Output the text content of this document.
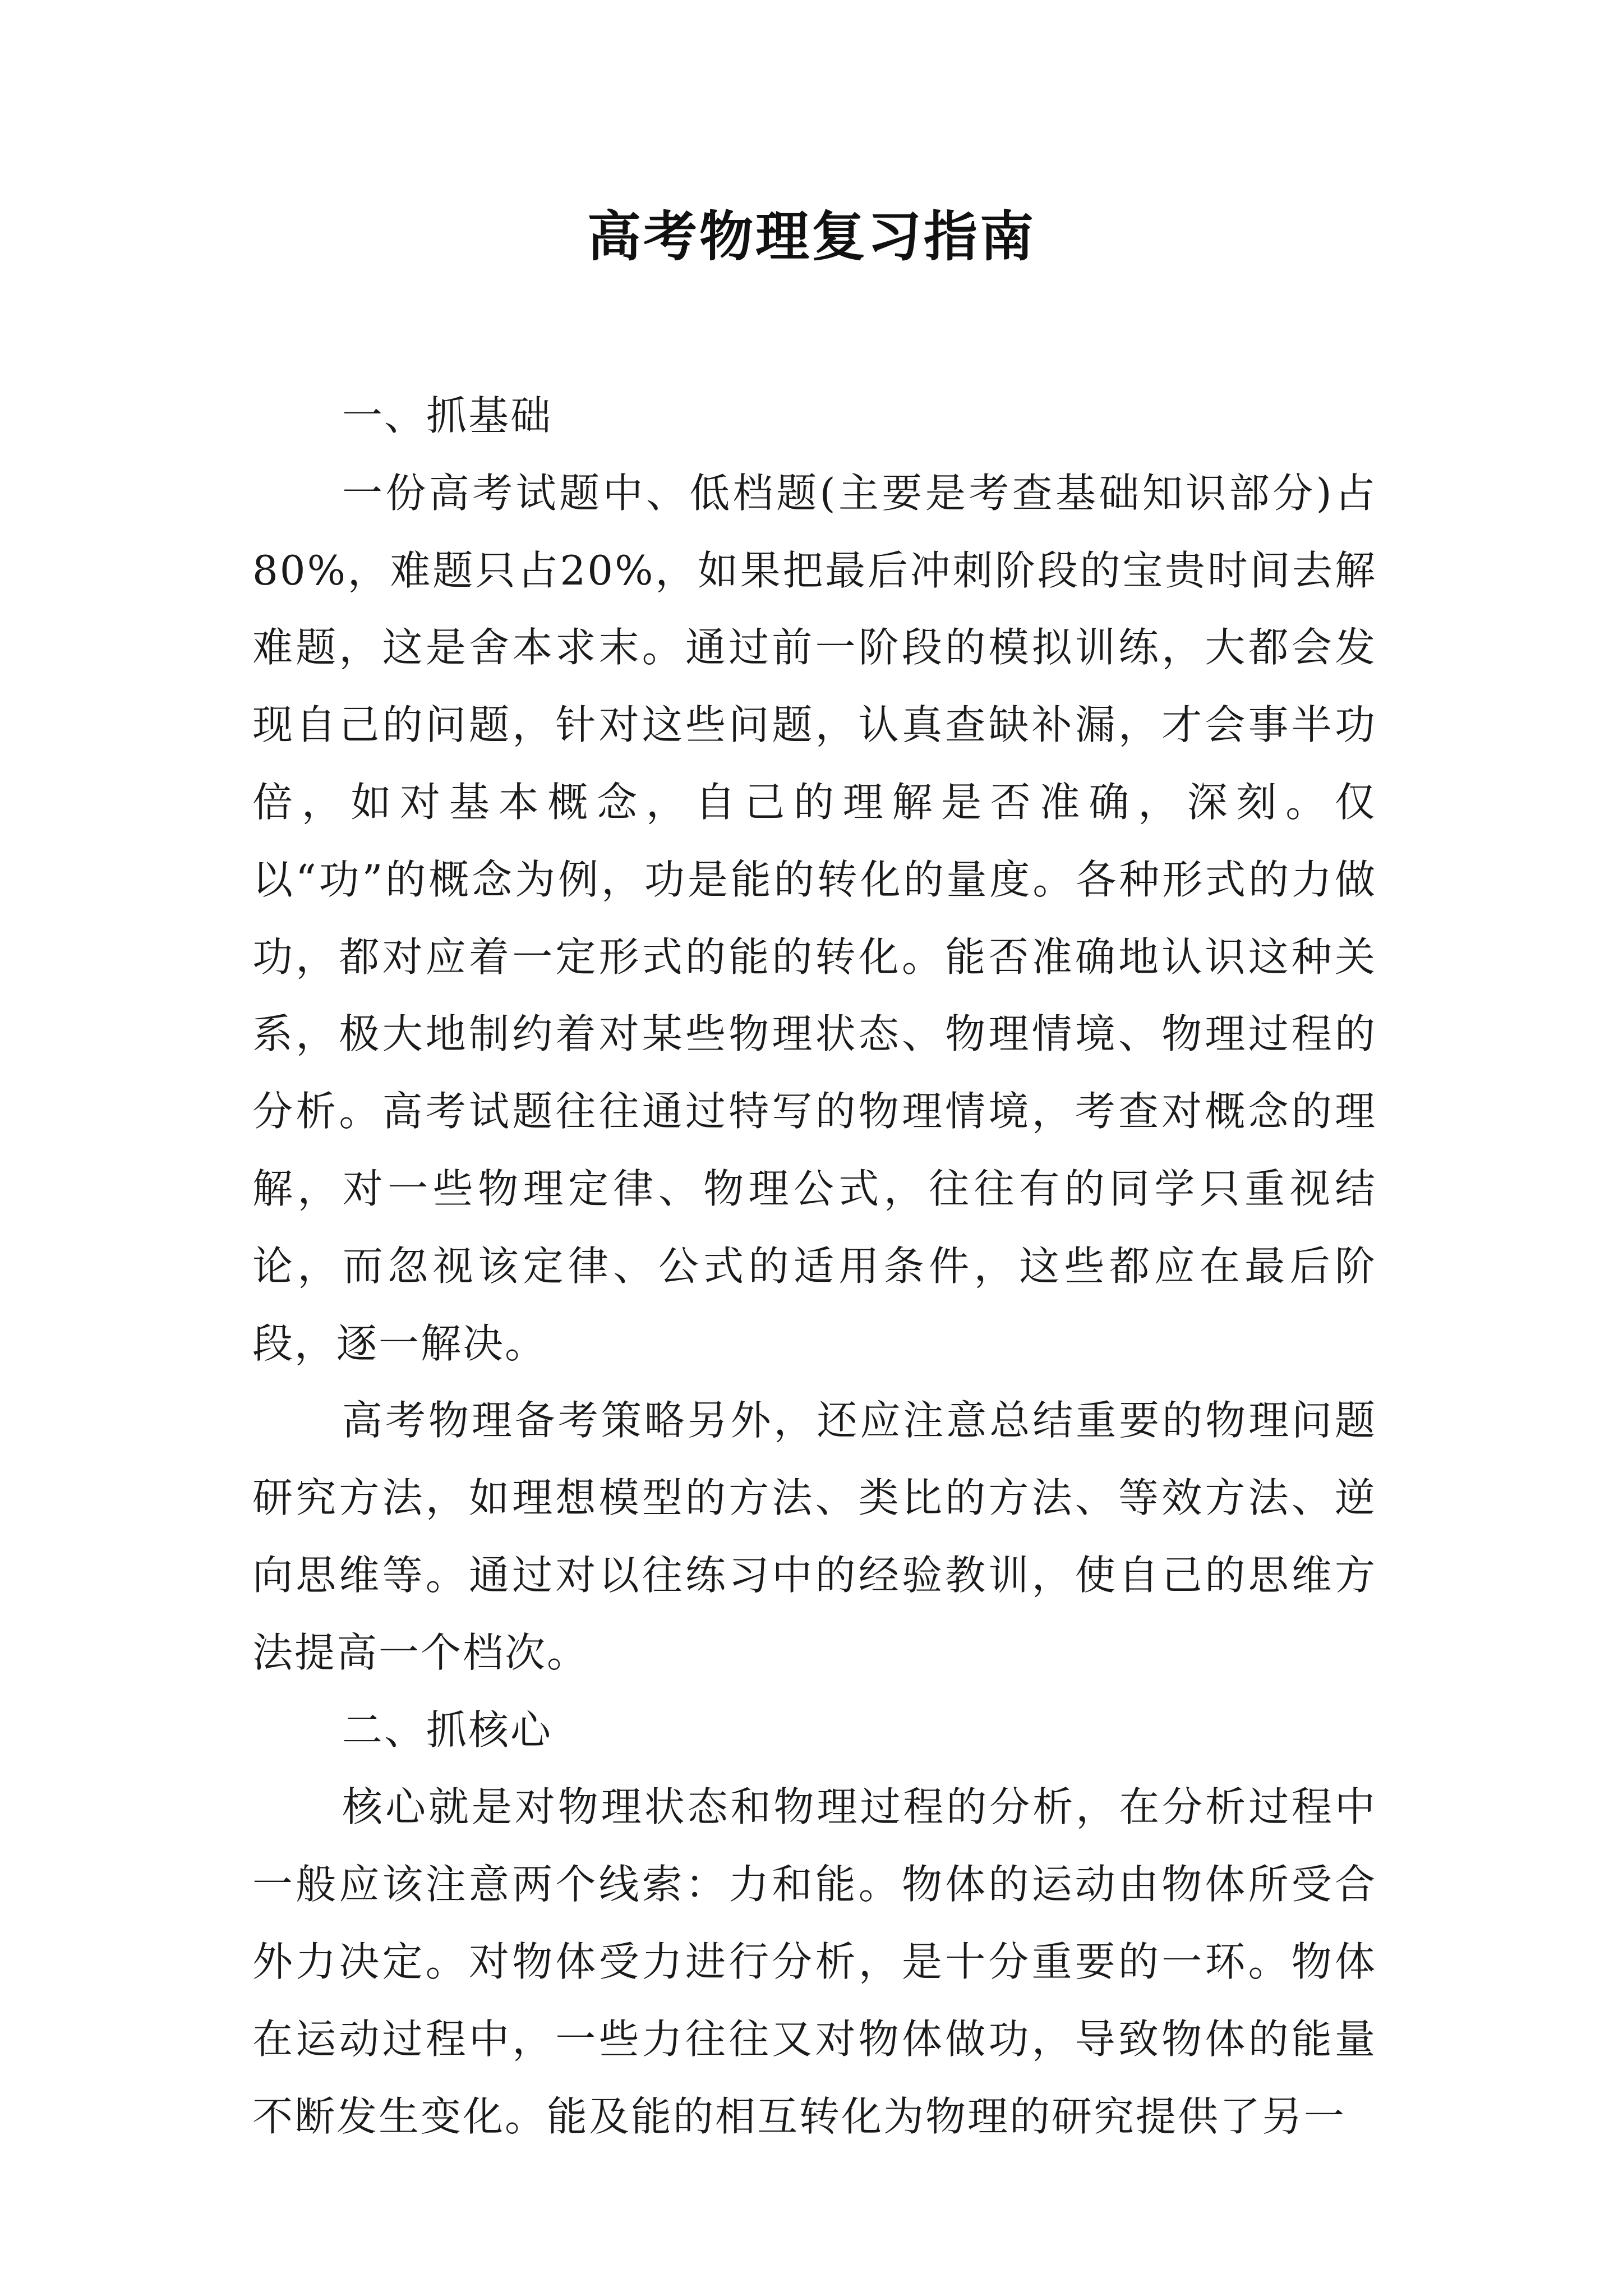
高考物理复习指南

一、抓基础

一份高考试题中、低档题(主要是考查基础知识部分)占80%，难题只占20%，如果把最后冲刺阶段的宝贵时间去解难题，这是舍本求末。通过前一阶段的模拟训练，大都会发现自己的问题，针对这些问题，认真查缺补漏，才会事半功倍，如对基本概念，自己的理解是否准确，深刻。仅以“功”的概念为例，功是能的转化的量度。各种形式的力做功，都对应着一定形式的能的转化。能否准确地认识这种关系，极大地制约着对某些物理状态、物理情境、物理过程的分析。高考试题往往通过特写的物理情境，考查对概念的理解，对一些物理定律、物理公式，往往有的同学只重视结论，而忽视该定律、公式的适用条件，这些都应在最后阶段，逐一解决。

高考物理备考策略另外，还应注意总结重要的物理问题研究方法，如理想模型的方法、类比的方法、等效方法、逆向思维等。通过对以往练习中的经验教训，使自己的思维方法提高一个档次。

二、抓核心

核心就是对物理状态和物理过程的分析，在分析过程中一般应该注意两个线索：力和能。物体的运动由物体所受合外力决定。对物体受力进行分析，是十分重要的一环。物体在运动过程中，一些力往往又对物体做功，导致物体的能量不断发生变化。能及能的相互转化为物理的研究提供了另一
